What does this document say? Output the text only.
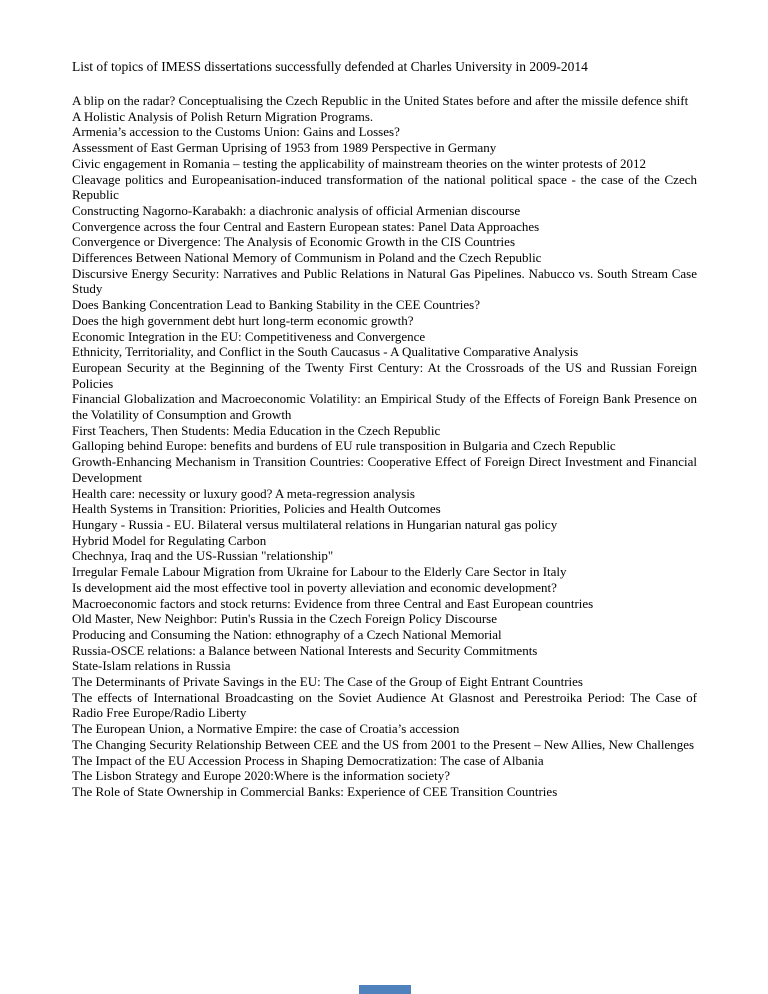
List of topics of IMESS dissertations successfully defended at Charles University in 2009-2014

A blip on the radar? Conceptualising the Czech Republic in the United States before and after the missile defence shift

A Holistic Analysis of Polish Return Migration Programs.

Armenia’s accession to the Customs Union: Gains and Losses?

Assessment of East German Uprising of 1953 from 1989 Perspective in Germany

Civic engagement in Romania – testing the applicability of mainstream theories on the winter protests of 2012

Cleavage politics and Europeanisation-induced transformation of the national political space - the case of the Czech Republic

Constructing Nagorno-Karabakh: a diachronic analysis of official Armenian discourse

Convergence across the four Central and Eastern European states: Panel Data Approaches

Convergence or Divergence: The Analysis of Economic Growth in the CIS Countries

Differences Between National Memory of Communism in Poland and the Czech Republic

Discursive Energy Security: Narratives and Public Relations in Natural Gas Pipelines. Nabucco vs. South Stream Case Study

Does Banking Concentration Lead to Banking Stability in the CEE Countries?

Does the high government debt hurt long-term economic growth?

Economic Integration in the EU: Competitiveness and Convergence

Ethnicity, Territoriality, and Conflict in the South Caucasus - A Qualitative Comparative Analysis

European Security at the Beginning of the Twenty First Century: At the Crossroads of the US and Russian Foreign Policies

Financial Globalization and Macroeconomic Volatility: an Empirical Study of the Effects of Foreign Bank Presence on the Volatility of Consumption and Growth

First Teachers, Then Students: Media Education in the Czech Republic

Galloping behind Europe: benefits and burdens of EU rule transposition in Bulgaria and Czech Republic

Growth-Enhancing Mechanism in Transition Countries: Cooperative Effect of Foreign Direct Investment and Financial Development

Health care: necessity or luxury good? A meta-regression analysis

Health Systems in Transition: Priorities, Policies and Health Outcomes

Hungary - Russia - EU. Bilateral versus multilateral relations in Hungarian natural gas policy

Hybrid Model for Regulating Carbon

Chechnya, Iraq and the US-Russian "relationship"

Irregular Female Labour Migration from Ukraine for Labour to the Elderly Care Sector in Italy

Is development aid the most effective tool in poverty alleviation and economic development?

Macroeconomic factors and stock returns: Evidence from three Central and East European countries

Old Master, New Neighbor: Putin's Russia in the Czech Foreign Policy Discourse

Producing and Consuming the Nation: ethnography of a Czech National Memorial

Russia-OSCE relations: a Balance between National Interests and Security Commitments

State-Islam relations in Russia

The Determinants of Private Savings in the EU: The Case of the Group of Eight Entrant Countries

The effects of International Broadcasting on the Soviet Audience At Glasnost and Perestroika Period: The Case of Radio Free Europe/Radio Liberty

The European Union, a Normative Empire: the case of Croatia’s accession

The Changing Security Relationship Between CEE and the US from 2001 to the Present – New Allies, New Challenges

The Impact of the EU Accession Process in Shaping Democratization: The case of Albania

The Lisbon Strategy and Europe 2020:Where is the information society?

The Role of State Ownership in Commercial Banks: Experience of CEE Transition Countries
